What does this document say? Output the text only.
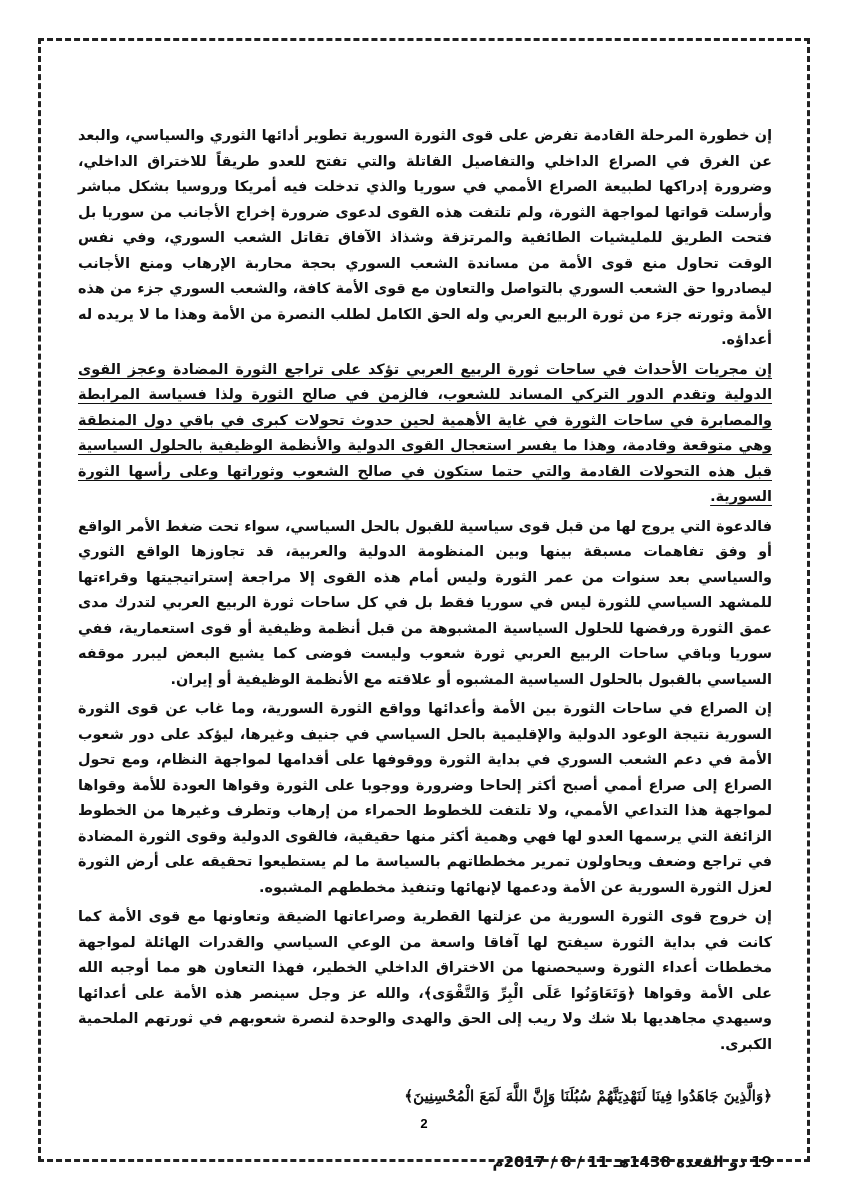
إن خطورة المرحلة القادمة تفرض على قوى الثورة السورية تطوير أدائها الثوري والسياسي، والبعد عن الغرق في الصراع الداخلي والتفاصيل القاتلة والتي تفتح للعدو طريقاً للاختراق الداخلي، وضرورة إدراكها لطبيعة الصراع الأممي في سوريا والذي تدخلت فيه أمريكا وروسيا بشكل مباشر وأرسلت قواتها لمواجهة الثورة، ولم تلتفت هذه القوى لدعوى ضرورة إخراج الأجانب من سوريا بل فتحت الطريق للمليشيات الطائفية والمرتزقة وشذاذ الآفاق تقاتل الشعب السوري، وفي نفس الوقت تحاول منع قوى الأمة من مساندة الشعب السوري بحجة محاربة الإرهاب ومنع الأجانب ليصادروا حق الشعب السوري بالتواصل والتعاون مع قوى الأمة كافة، والشعب السوري جزء من هذه الأمة وثورته جزء من ثورة الربيع العربي وله الحق الكامل لطلب النصرة من الأمة وهذا ما لا يريده له أعداؤه.

إن مجريات الأحداث في ساحات ثورة الربيع العربي تؤكد على تراجع الثورة المضادة وعجز القوى الدولية وتقدم الدور التركي المساند للشعوب، فالزمن في صالح الثورة ولذا فسياسة المرابطة والمصابرة في ساحات الثورة في غاية الأهمية لحين حدوث تحولات كبرى في باقي دول المنطقة وهي متوقعة وقادمة، وهذا ما يفسر استعجال القوى الدولية والأنظمة الوظيفية بالحلول السياسية قبل هذه التحولات القادمة والتي حتما ستكون في صالح الشعوب وثوراتها وعلى رأسها الثورة السورية.

فالدعوة التي يروج لها من قبل قوى سياسية للقبول بالحل السياسي، سواء تحت ضغط الأمر الواقع أو وفق تفاهمات مسبقة بينها وبين المنظومة الدولية والعربية، قد تجاوزها الواقع الثوري والسياسي بعد سنوات من عمر الثورة وليس أمام هذه القوى إلا مراجعة إستراتيجيتها وقراءتها للمشهد السياسي للثورة ليس في سوريا فقط بل في كل ساحات ثورة الربيع العربي لتدرك مدى عمق الثورة ورفضها للحلول السياسية المشبوهة من قبل أنظمة وظيفية أو قوى استعمارية، ففي سوريا وباقي ساحات الربيع العربي ثورة شعوب وليست فوضى كما يشيع البعض ليبرر موقفه السياسي بالقبول بالحلول السياسية المشبوه أو علاقته مع الأنظمة الوظيفية أو إيران.

إن الصراع في ساحات الثورة بين الأمة وأعدائها وواقع الثورة السورية، وما غاب عن قوى الثورة السورية نتيجة الوعود الدولية والإقليمية بالحل السياسي في جنيف وغيرها، ليؤكد على دور شعوب الأمة في دعم الشعب السوري في بداية الثورة ووقوفها على أقدامها لمواجهة النظام، ومع تحول الصراع إلى صراع أممي أصبح أكثر إلحاحا وضرورة ووجوبا على الثورة وقواها العودة للأمة وقواها لمواجهة هذا التداعي الأممي، ولا تلتفت للخطوط الحمراء من إرهاب وتطرف وغيرها من الخطوط الزائفة التي يرسمها العدو لها فهي وهمية أكثر منها حقيقية، فالقوى الدولية وقوى الثورة المضادة في تراجع وضعف ويحاولون تمرير مخططاتهم بالسياسة ما لم يستطيعوا تحقيقه على أرض الثورة لعزل الثورة السورية عن الأمة ودعمها لإنهائها وتنفيذ مخططهم المشبوه.

إن خروج قوى الثورة السورية من عزلتها القطرية وصراعاتها الضيقة وتعاونها مع قوى الأمة كما كانت في بداية الثورة سيفتح لها آفاقا واسعة من الوعي السياسي والقدرات الهائلة لمواجهة مخططات أعداء الثورة وسيحصنها من الاختراق الداخلي الخطير، فهذا التعاون هو مما أوجبه الله على الأمة وقواها ﴿وَتَعَاوَنُوا عَلَى الْبِرِّ وَالتَّقْوَى﴾، والله عز وجل سينصر هذه الأمة على أعدائها وسيهدي مجاهديها بلا شك ولا ريب إلى الحق والهدى والوحدة لنصرة شعوبهم في ثورتهم الملحمية الكبرى.

﴿وَالَّذِينَ جَاهَدُوا فِينَا لَنَهْدِيَنَّهُمْ سُبُلَنَا وَإِنَّ اللَّهَ لَمَعَ الْمُحْسِنِينَ﴾

19 ذو القعدة 1438هـ 11 / 8 / 2017م

2
